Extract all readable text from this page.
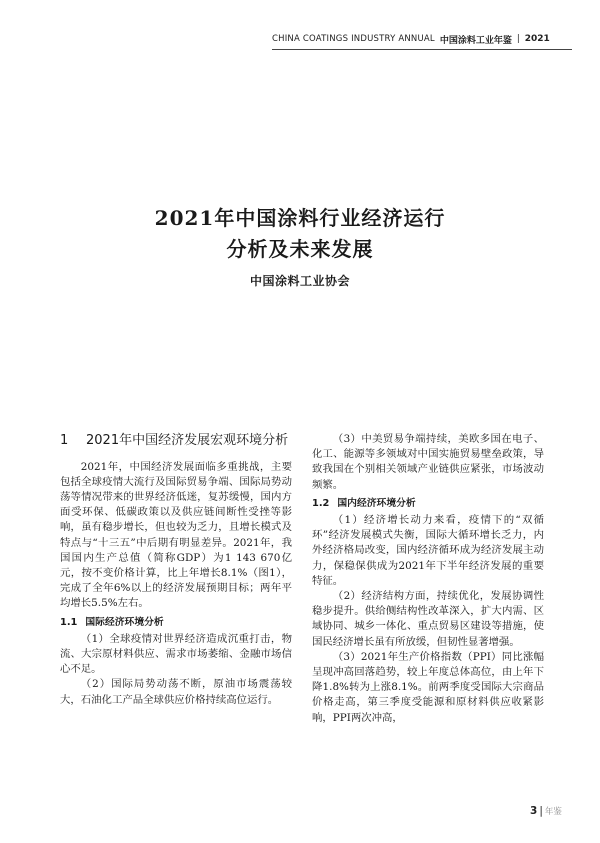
CHINA COATINGS INDUSTRY ANNUAL 中国涂料工业年鉴 | 2021
2021年中国涂料行业经济运行
分析及未来发展
中国涂料工业协会
1	2021年中国经济发展宏观环境分析

2021年，中国经济发展面临多重挑战，主要包括全球疫情大流行及国际贸易争端、国际局势动荡等情况带来的世界经济低迷，复苏缓慢，国内方面受环保、低碳政策以及供应链间断性受挫等影响，虽有稳步增长，但也较为乏力，且增长模式及特点与“十三五”中后期有明显差异。2021年，我国国内生产总值（简称GDP）为1 143 670亿元，按不变价格计算，比上年增长8.1%（图1），完成了全年6%以上的经济发展预期目标；两年平均增长5.5%左右。

1.1 国际经济环境分析

（1）全球疫情对世界经济造成沉重打击，物流、大宗原材料供应、需求市场萎缩、金融市场信心不足。

（2）国际局势动荡不断，原油市场震荡较大，石油化工产品全球供应价格持续高位运行。

（3）中美贸易争端持续，美欧多国在电子、化工、能源等多领域对中国实施贸易壁垒政策，导致我国在个别相关领域产业链供应紧张，市场波动频繁。

1.2 国内经济环境分析

（1）经济增长动力来看，疫情下的“双循环”经济发展模式失衡，国际大循环增长乏力，内外经济格局改变，国内经济循环成为经济发展主动力，保稳保供成为2021年下半年经济发展的重要特征。

（2）经济结构方面，持续优化，发展协调性稳步提升。供给侧结构性改革深入，扩大内需、区域协同、城乡一体化、重点贸易区建设等措施，使国民经济增长虽有所放缓，但韧性显著增强。

（3）2021年生产价格指数（PPI）同比涨幅呈现冲高回落趋势，较上年度总体高位，由上年下降1.8%转为上涨8.1%。前两季度受国际大宗商品价格走高，第三季度受能源和原材料供应收紧影响，PPI两次冲高，

3 | 年鉴
